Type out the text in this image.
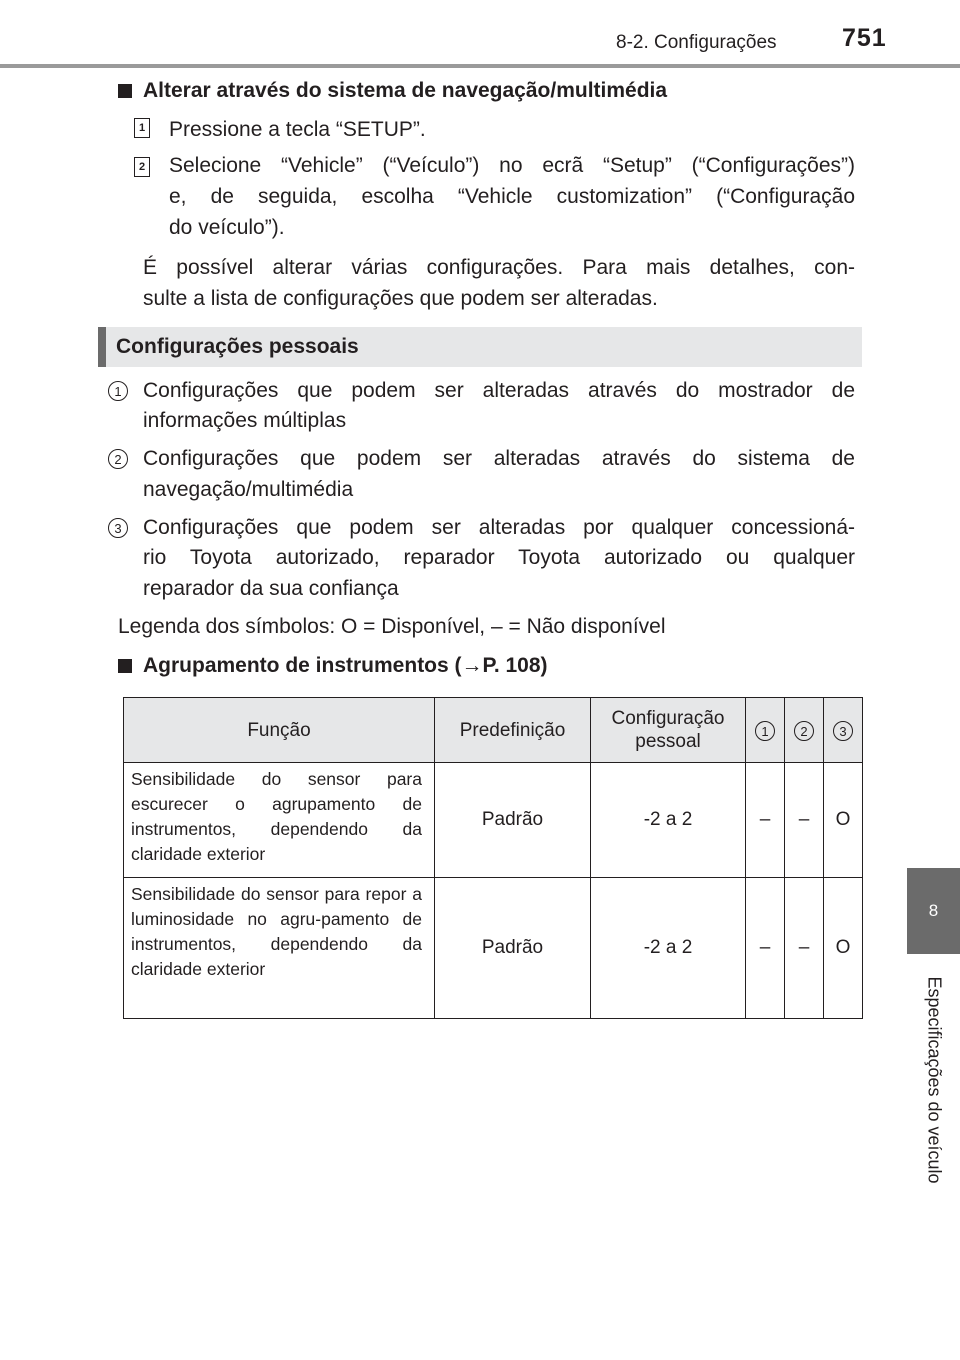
8-2. Configurações	751
8
Especificações do veículo
Alterar através do sistema de navegação/multimédia
1 Pressione a tecla “SETUP”.
2 Selecione “Vehicle” (“Veículo”) no ecrã “Setup” (“Configurações”)
e, de seguida, escolha “Vehicle customization” (“Configuração
do veículo”).
É possível alterar várias configurações. Para mais detalhes, con-
sulte a lista de configurações que podem ser alteradas.
Configurações pessoais
1	Configurações que podem ser alteradas através do mostrador de
informações múltiplas
2	Configurações que podem ser alteradas através do sistema de
navegação/multimédia
3	Configurações que podem ser alteradas por qualquer concessioná-
rio Toyota autorizado, reparador Toyota autorizado ou qualquer
reparador da sua confiança
Legenda dos símbolos: O = Disponível, – = Não disponível
Agrupamento de instrumentos (→P. 108)
Função	Predefinição	Configuração
pessoal	1	2	3
Sensibilidade do sensor para escurecer o agrupamento de instrumentos, dependendo da claridade exterior	Padrão	-2 a 2	–	–	O
Sensibilidade do sensor para repor a luminosidade no agru-pamento de instrumentos, dependendo da claridade exterior	Padrão	-2 a 2	–	–	O
